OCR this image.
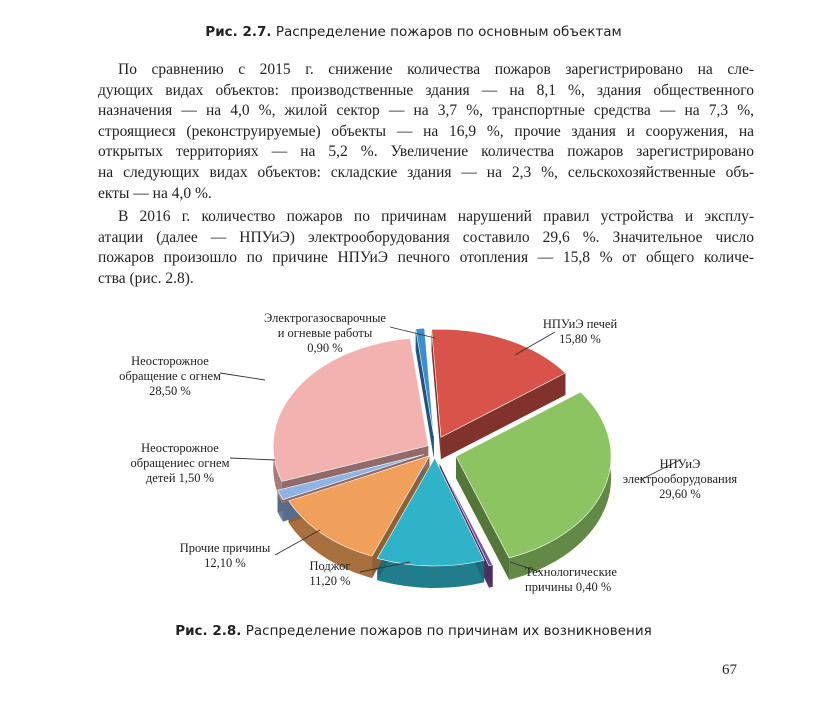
Рис. 2.7. Распределение пожаров по основным объектам
По сравнению с 2015 г. снижение количества пожаров зарегистрировано на сле-
дующих видах объектов: производственные здания — на 8,1 %, здания общественного
назначения — на 4,0 %, жилой сектор — на 3,7 %, транспортные средства — на 7,3 %,
строящиеся (реконструируемые) объекты — на 16,9 %, прочие здания и сооружения, на
открытых территориях — на 5,2 %. Увеличение количества пожаров зарегистрировано
на следующих видах объектов: складские здания — на 2,3 %, сельскохозяйственные объ-
екты — на 4,0 %.
В 2016 г. количество пожаров по причинам нарушений правил устройства и эксплу-
атации (далее — НПУиЭ) электрооборудования составило 29,6 %. Значительное число
пожаров произошло по причине НПУиЭ печного отопления — 15,8 % от общего количе-
ства (рис. 2.8).
НПУиЭ печей 15,80 %
НПУиЭ электрооборудования 29,60 %
Технологические причины 0,40 %
Поджог 11,20 %
Прочие причины 12,10 %
Неосторожное обращениес огнем детей 1,50 %
Неосторожное обращение с огнем 28,50 %
Электрогазосварочные и огневые работы 0,90 %
Рис. 2.8. Распределение пожаров по причинам их возникновения
67
